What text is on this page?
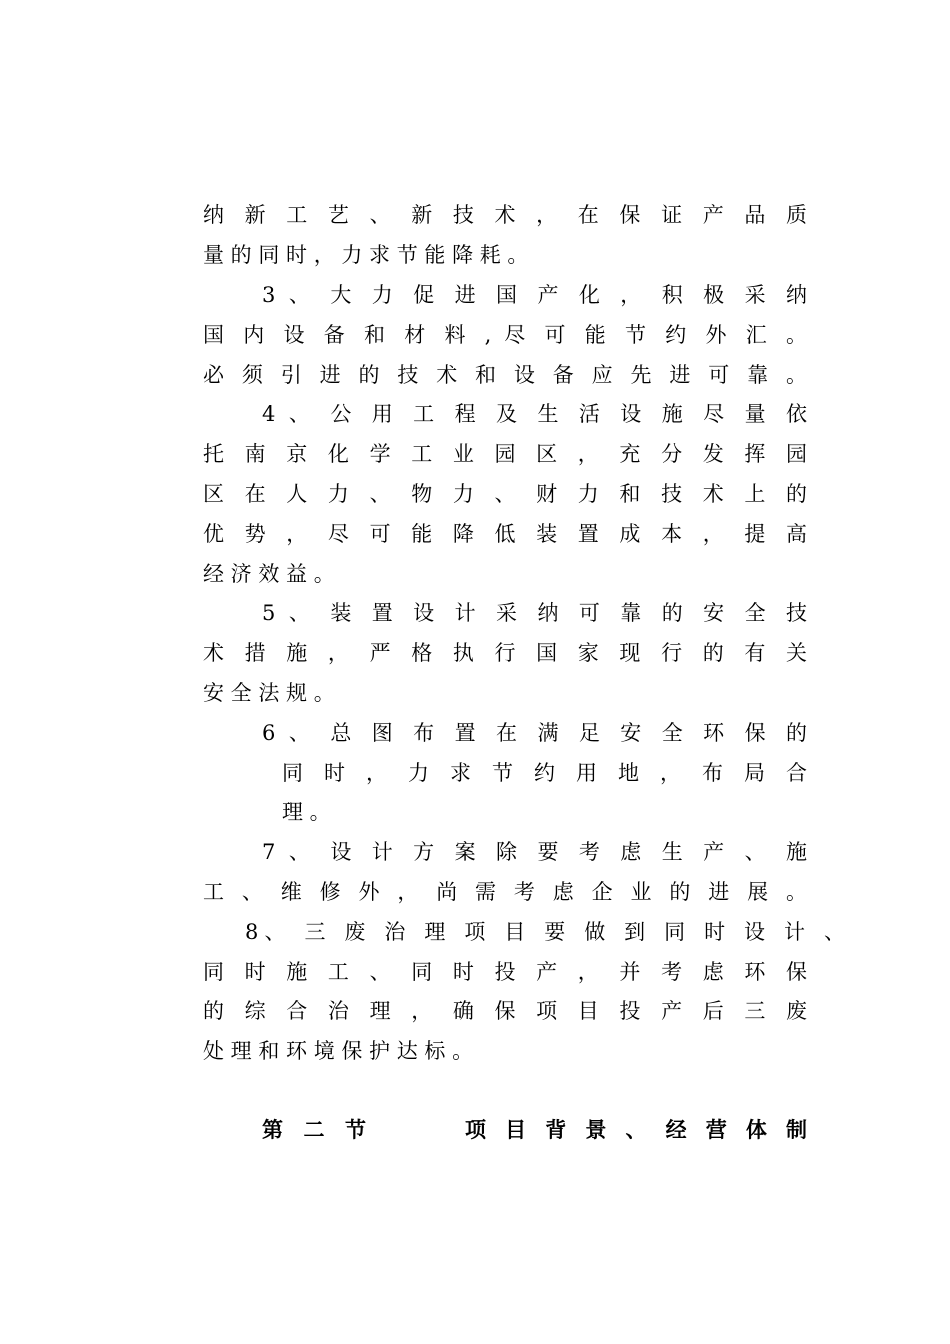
纳 新 工 艺 、 新 技 术 ， 在 保 证 产 品 质
量 的 同 时 ， 力 求 节 能 降 耗 。
3 、 大 力 促 进 国 产 化 ， 积 极 采 纳
国 内 设 备 和 材 料 , 尽 可 能 节 约 外 汇 。
必 须 引 进 的 技 术 和 设 备 应 先 进 可 靠 。
4 、 公 用 工 程 及 生 活 设 施 尽 量 依
托 南 京 化 学 工 业 园 区 ， 充 分 发 挥 园
区 在 人 力 、 物 力 、 财 力 和 技 术 上 的
优 势 ， 尽 可 能 降 低 装 置 成 本 ， 提 高
经 济 效 益 。
5 、 装 置 设 计 采 纳 可 靠 的 安 全 技
术 措 施 ， 严 格 执 行 国 家 现 行 的 有 关
安 全 法 规 。
6 、 总 图 布 置 在 满 足 安 全 环 保 的
同 时 ， 力 求 节 约 用 地 ， 布 局 合
理 。
7 、 设 计 方 案 除 要 考 虑 生 产 、 施
工 、 维 修 外 ， 尚 需 考 虑 企 业 的 进 展 。
8、 三 废 治 理 项 目 要 做 到 同 时 设 计 、
同 时 施 工 、 同 时 投 产 ， 并 考 虑 环 保
的 综 合 治 理 ， 确 保 项 目 投 产 后 三 废
处 理 和 环 境 保 护 达 标 。
第 二 节	项 目 背 景 、 经 营 体 制
